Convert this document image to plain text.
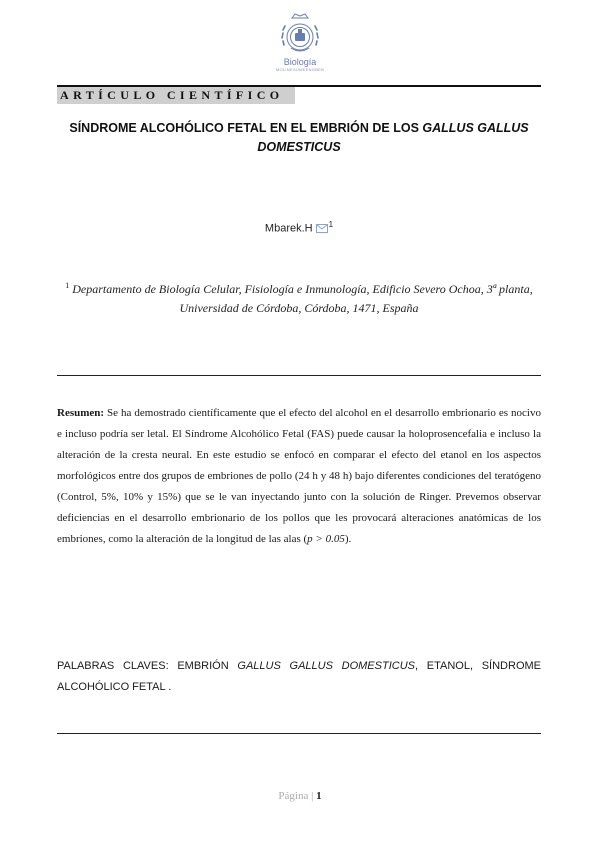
Biología
MOLINESUMEENGBEB
ARTÍCULO CIENTÍFICO
SÍNDROME ALCOHÓLICO FETAL EN EL EMBRIÓN DE LOS GALLUS GALLUS DOMESTICUS
Mbarek.H $^1$
$^1$ Departamento de Biología Celular, Fisiología e Inmunología, Edificio Severo Ochoa, 3ª planta, Universidad de Córdoba, Córdoba, 1471, España
Resumen: Se ha demostrado científicamente que el efecto del alcohol en el desarrollo embrionario es nocivo e incluso podría ser letal. El Síndrome Alcohólico Fetal (FAS) puede causar la holoprosencefalia e incluso la alteración de la cresta neural. En este estudio se enfocó en comparar el efecto del etanol en los aspectos morfológicos entre dos grupos de embriones de pollo (24 h y 48 h) bajo diferentes condiciones del teratógeno (Control, 5%, 10% y 15%) que se le van inyectando junto con la solución de Ringer. Prevemos observar deficiencias en el desarrollo embrionario de los pollos que les provocará alteraciones anatómicas de los embriones, como la alteración de la longitud de las alas (p > 0.05).
PALABRAS CLAVES: EMBRIÓN GALLUS GALLUS DOMESTICUS, ETANOL, SÍNDROME ALCOHÓLICO FETAL .
Página | 1
